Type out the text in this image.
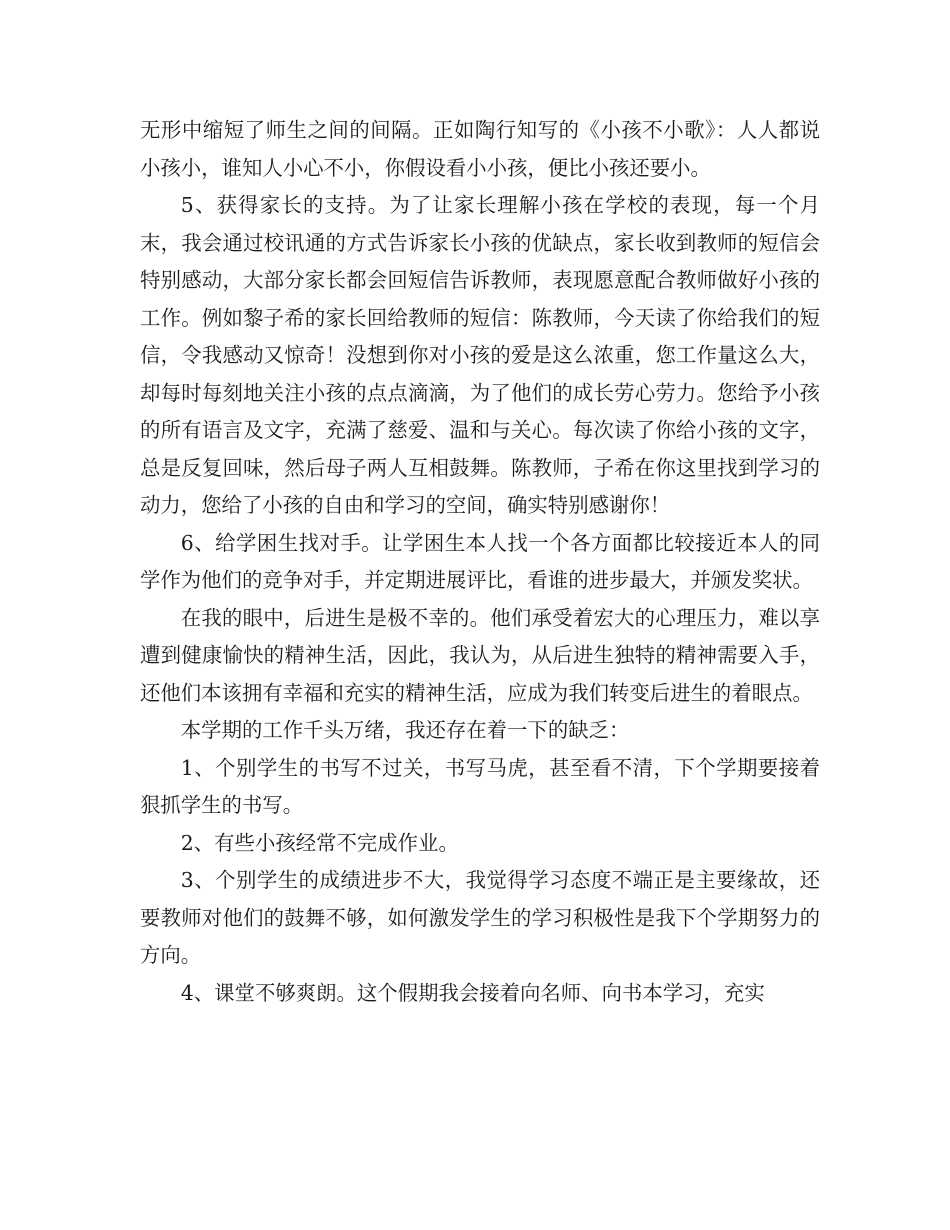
无形中缩短了师生之间的间隔。正如陶行知写的《小孩不小歌》：人人都说小孩小，谁知人小心不小，你假设看小小孩，便比小孩还要小。

5、获得家长的支持。为了让家长理解小孩在学校的表现，每一个月末，我会通过校讯通的方式告诉家长小孩的优缺点，家长收到教师的短信会特别感动，大部分家长都会回短信告诉教师，表现愿意配合教师做好小孩的工作。例如黎子希的家长回给教师的短信：陈教师，今天读了你给我们的短信，令我感动又惊奇！没想到你对小孩的爱是这么浓重，您工作量这么大，却每时每刻地关注小孩的点点滴滴，为了他们的成长劳心劳力。您给予小孩的所有语言及文字，充满了慈爱、温和与关心。每次读了你给小孩的文字，总是反复回味，然后母子两人互相鼓舞。陈教师，子希在你这里找到学习的动力，您给了小孩的自由和学习的空间，确实特别感谢你！

6、给学困生找对手。让学困生本人找一个各方面都比较接近本人的同学作为他们的竞争对手，并定期进展评比，看谁的进步最大，并颁发奖状。

在我的眼中，后进生是极不幸的。他们承受着宏大的心理压力，难以享遭到健康愉快的精神生活，因此，我认为，从后进生独特的精神需要入手，还他们本该拥有幸福和充实的精神生活，应成为我们转变后进生的着眼点。

本学期的工作千头万绪，我还存在着一下的缺乏：

1、个别学生的书写不过关，书写马虎，甚至看不清，下个学期要接着狠抓学生的书写。

2、有些小孩经常不完成作业。

3、个别学生的成绩进步不大，我觉得学习态度不端正是主要缘故，还要教师对他们的鼓舞不够，如何激发学生的学习积极性是我下个学期努力的方向。

4、课堂不够爽朗。这个假期我会接着向名师、向书本学习，充实
